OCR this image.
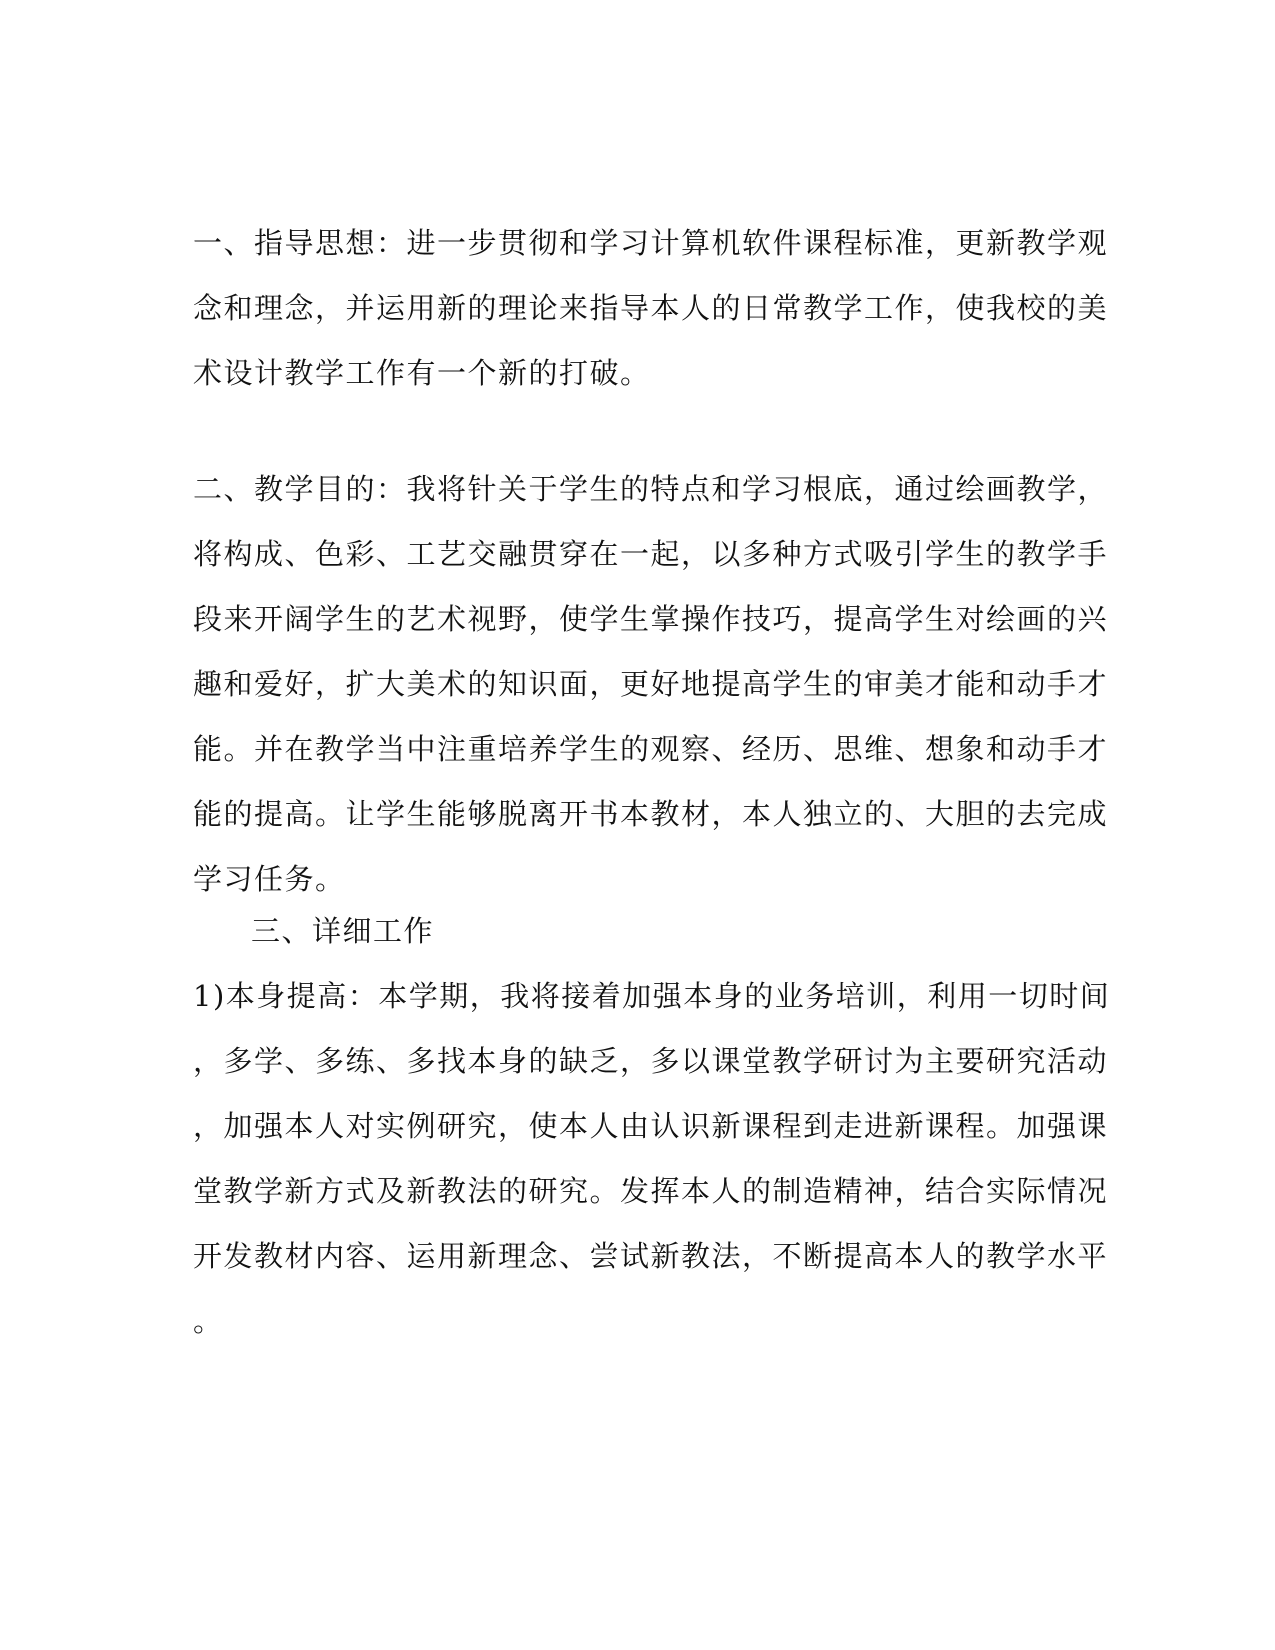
一、指导思想：进一步贯彻和学习计算机软件课程标准，更新教学观
念和理念，并运用新的理论来指导本人的日常教学工作，使我校的美
术设计教学工作有一个新的打破。
二、教学目的：我将针关于学生的特点和学习根底，通过绘画教学，
将构成、色彩、工艺交融贯穿在一起，以多种方式吸引学生的教学手
段来开阔学生的艺术视野，使学生掌操作技巧，提高学生对绘画的兴
趣和爱好，扩大美术的知识面，更好地提高学生的审美才能和动手才
能。并在教学当中注重培养学生的观察、经历、思维、想象和动手才
能的提高。让学生能够脱离开书本教材，本人独立的、大胆的去完成
学习任务。
三、详细工作
1)本身提高：本学期，我将接着加强本身的业务培训，利用一切时间
，多学、多练、多找本身的缺乏，多以课堂教学研讨为主要研究活动
，加强本人对实例研究，使本人由认识新课程到走进新课程。加强课
堂教学新方式及新教法的研究。发挥本人的制造精神，结合实际情况
开发教材内容、运用新理念、尝试新教法，不断提高本人的教学水平
。
